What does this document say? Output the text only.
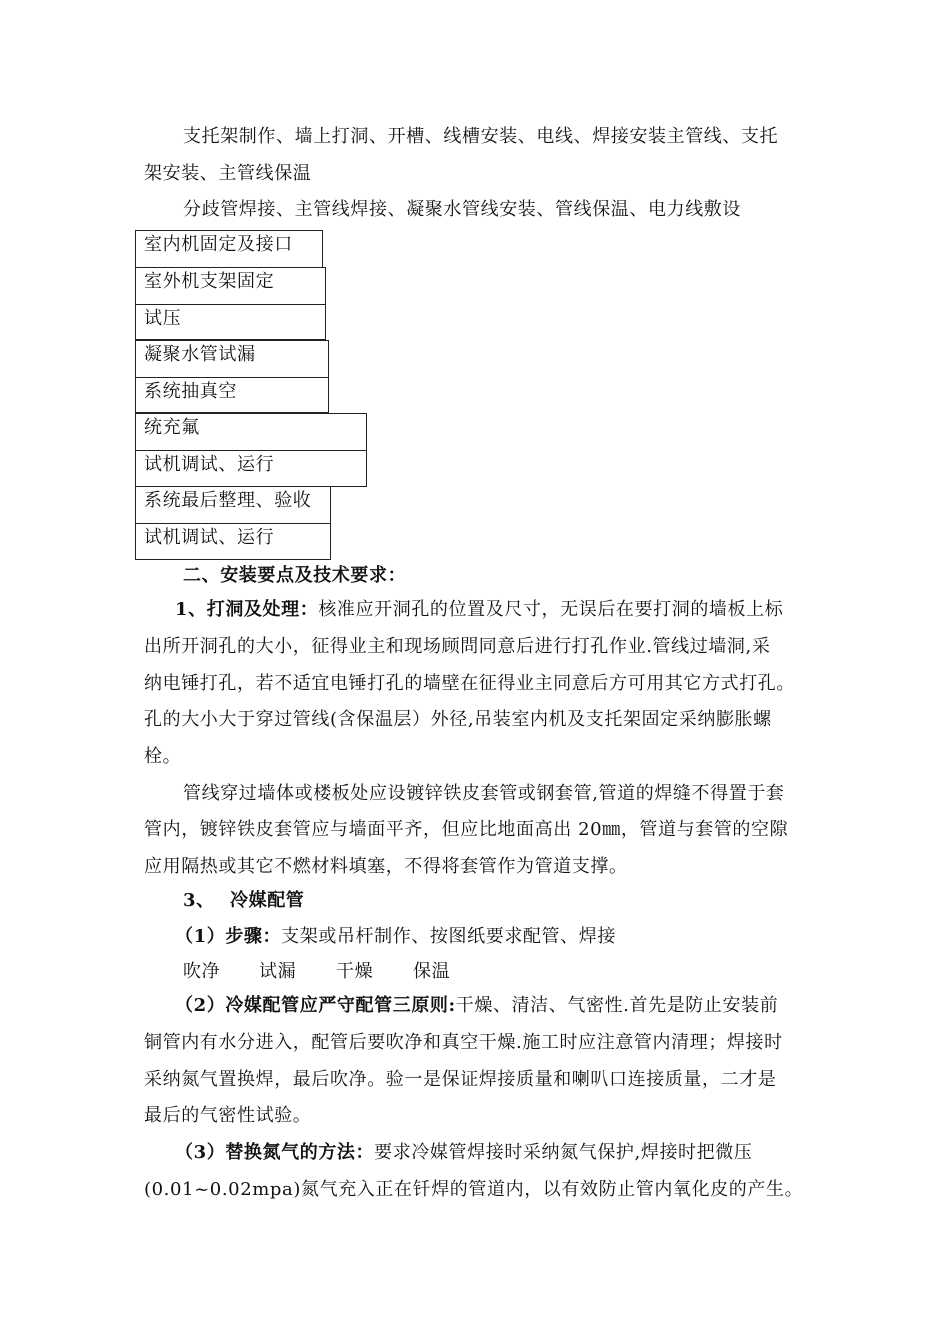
支托架制作、墙上打洞、开槽、线槽安装、电线、焊接安装主管线、支托
架安装、主管线保温
分歧管焊接、主管线焊接、凝聚水管线安装、管线保温、电力线敷设
室内机固定及接口
室外机支架固定
试压
凝聚水管试漏
系统抽真空
统充氟
试机调试、运行
系统最后整理、验收
试机调试、运行
二、安装要点及技术要求：
1、打洞及处理：核准应开洞孔的位置及尺寸，无误后在要打洞的墙板上标
出所开洞孔的大小，征得业主和现场顾問同意后进行打孔作业.管线过墙洞,采
纳电锤打孔，若不适宜电锤打孔的墙壁在征得业主同意后方可用其它方式打孔。
孔的大小大于穿过管线(含保温层）外径,吊装室内机及支托架固定采纳膨胀螺
栓。
管线穿过墙体或楼板处应设镀锌铁皮套管或钢套管,管道的焊缝不得置于套
管内，镀锌铁皮套管应与墙面平齐，但应比地面高出 20㎜，管道与套管的空隙
应用隔热或其它不燃材料填塞，不得将套管作为管道支撑。
3、 冷媒配管
（1）步骤：支架或吊杆制作、按图纸要求配管、焊接
吹净 试漏 干燥 保温
（2）冷媒配管应严守配管三原则:干燥、清洁、气密性.首先是防止安装前
铜管内有水分进入，配管后要吹净和真空干燥.施工时应注意管内清理；焊接时
采纳氮气置换焊，最后吹净。验一是保证焊接质量和喇叭口连接质量，二才是
最后的气密性试验。
（3）替换氮气的方法：要求冷媒管焊接时采纳氮气保护,焊接时把微压
(0.01~0.02mpa)氮气充入正在钎焊的管道内，以有效防止管内氧化皮的产生。
